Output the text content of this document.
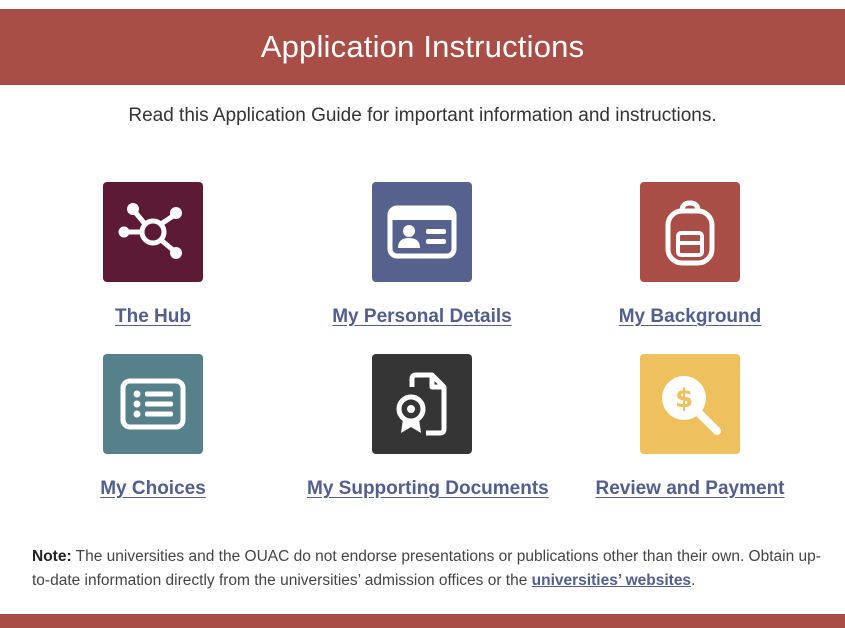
Application Instructions
Read this Application Guide for important information and instructions.
The Hub	My Personal Details	My Background
My Choices	My Supporting Documents
$
Review and Payment
Note: The universities and the OUAC do not endorse presentations or publications other than their own. Obtain up-to-date information directly from the universities’ admission offices or the universities’ websites.
